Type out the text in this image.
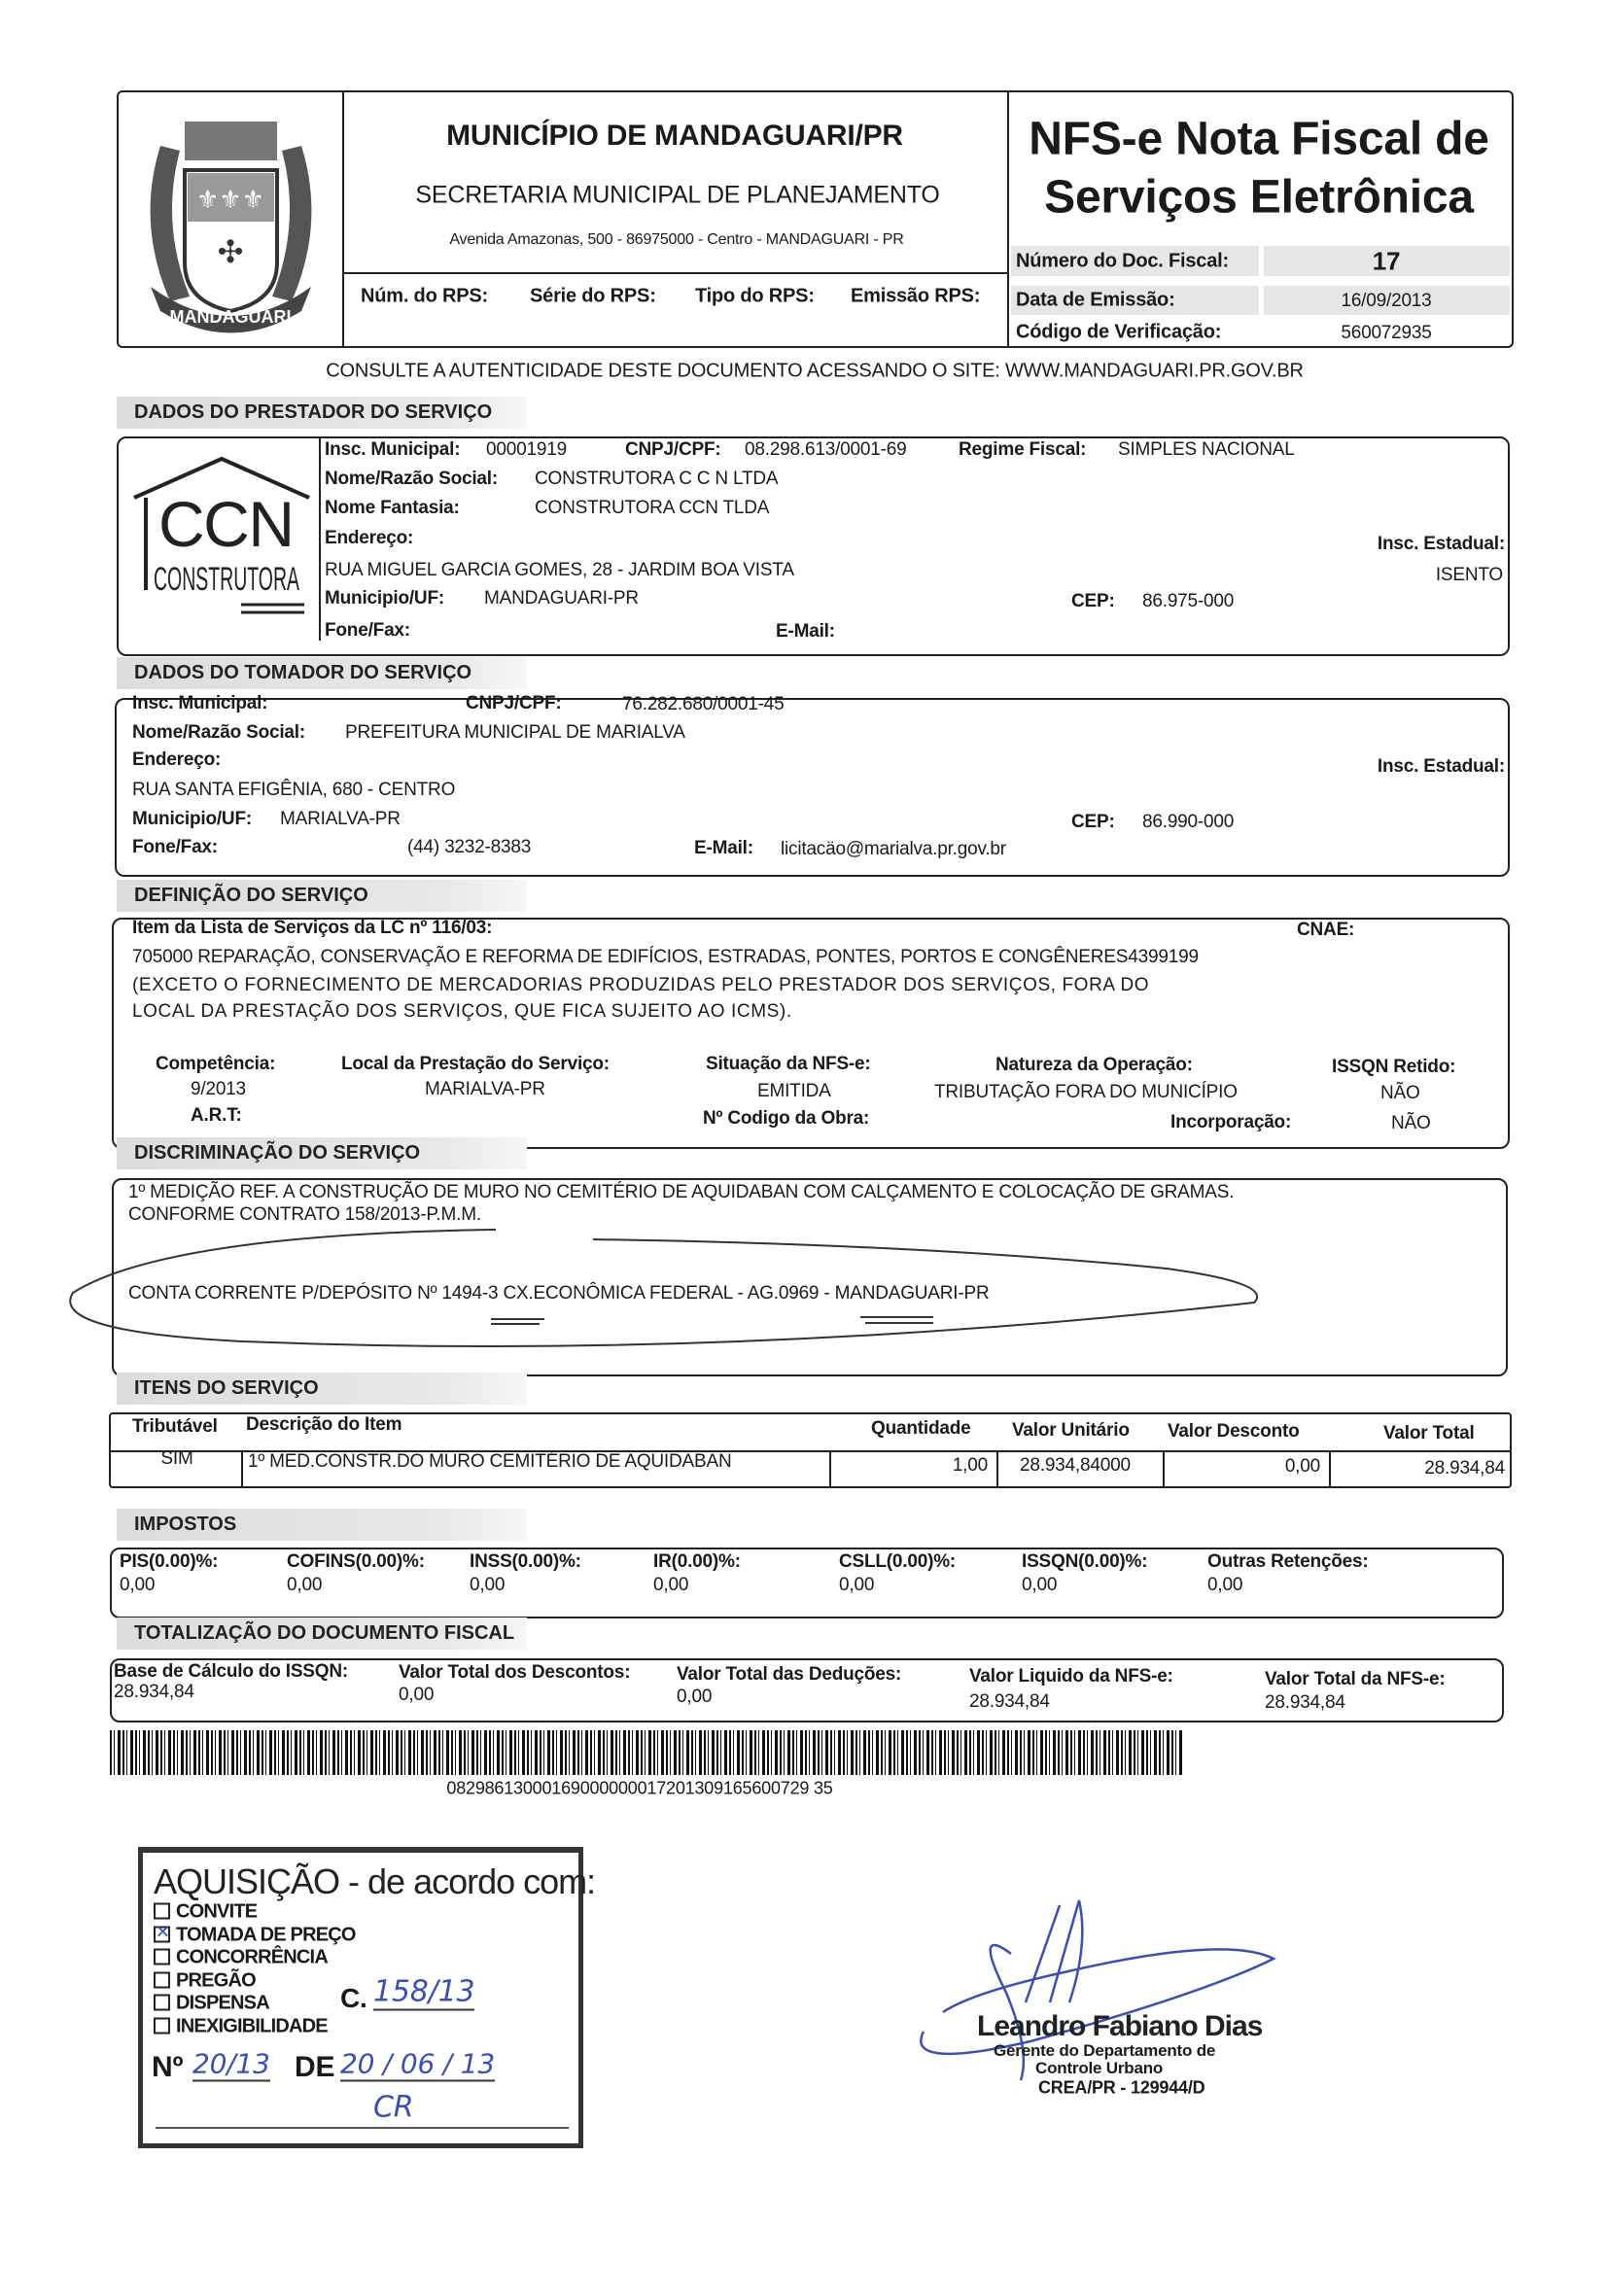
⚜⚜⚜
✣
MANDAGUARI
MUNICÍPIO DE MANDAGUARI/PR
SECRETARIA MUNICIPAL DE PLANEJAMENTO
Avenida Amazonas, 500 - 86975000 - Centro - MANDAGUARI - PR
Núm. do RPS: Série do RPS: Tipo do RPS: Emissão RPS:
NFS-e Nota Fiscal de
Serviços Eletrônica
Número do Doc. Fiscal:	17
Data de Emissão:	16/09/2013
Código de Verificação:	560072935
CONSULTE A AUTENTICIDADE DESTE DOCUMENTO ACESSANDO O SITE: WWW.MANDAGUARI.PR.GOV.BR
DADOS DO PRESTADOR DO SERVIÇO
CCN
CONSTRUTORA
Insc. Municipal: 00001919	CNPJ/CPF: 08.298.613/0001-69	Regime Fiscal: SIMPLES NACIONAL
Nome/Razão Social: CONSTRUTORA C C N LTDA
Nome Fantasia:	CONSTRUTORA CCN TLDA
Endereço:
RUA MIGUEL GARCIA GOMES, 28 - JARDIM BOA VISTA
Municipio/UF: MANDAGUARI-PR	CEP: 86.975-000
Fone/Fax:	E-Mail:
Insc. Estadual:
ISENTO
DADOS DO TOMADOR DO SERVIÇO
Insc. Municipal:	CNPJ/CPF:	76.282.680/0001-45
Nome/Razão Social: PREFEITURA MUNICIPAL DE MARIALVA
Endereço:	Insc. Estadual:
RUA SANTA EFIGÊNIA, 680 - CENTRO
Municipio/UF: MARIALVA-PR	CEP: 86.990-000
Fone/Fax:	(44) 3232-8383	E-Mail: licitacäo@marialva.pr.gov.br
DEFINIÇÃO DO SERVIÇO
Item da Lista de Serviços da LC nº 116/03:	CNAE:
705000 REPARAÇÃO, CONSERVAÇÃO E REFORMA DE EDIFÍCIOS, ESTRADAS, PONTES, PORTOS E CONGÊNERES4399199
(EXCETO O FORNECIMENTO DE MERCADORIAS PRODUZIDAS PELO PRESTADOR DOS SERVIÇOS, FORA DO
LOCAL DA PRESTAÇÃO DOS SERVIÇOS, QUE FICA SUJEITO AO ICMS).
Competência:	Local da Prestação do Serviço:	Situação da NFS-e:	Natureza da Operação:	ISSQN Retido:
9/2013	MARIALVA-PR	EMITIDA	TRIBUTAÇÃO FORA DO MUNICÍPIO	NÃO
A.R.T:	Nº Codigo da Obra:	Incorporação:	NÃO
DISCRIMINAÇÃO DO SERVIÇO
1º MEDIÇÃO REF. A CONSTRUÇÃO DE MURO NO CEMITÉRIO DE AQUIDABAN COM CALÇAMENTO E COLOCAÇÃO DE GRAMAS.
CONFORME CONTRATO 158/2013-P.M.M.
CONTA CORRENTE P/DEPÓSITO Nº 1494-3 CX.ECONÔMICA FEDERAL - AG.0969 - MANDAGUARI-PR
ITENS DO SERVIÇO
Tributável Descrição do Item	Quantidade Valor Unitário Valor Desconto	Valor Total
SIM	1º MED.CONSTR.DO MURO CEMITÉRIO DE AQUIDABAN	1,00 28.934,84000	0,00	28.934,84
IMPOSTOS
TOTALIZAÇÃO DO DOCUMENTO FISCAL
08298613000169000000017201309165600729 35
AQUISIÇÃO - de acordo com:
C. 158/13
Nº 20/13 DE 20 / 06 / 13
CR
Leandro Fabiano Dias
Gerente do Departamento de
Controle Urbano
CREA/PR - 129944/D
PIS(0.00)%:
0,00
COFINS(0.00)%:
0,00
INSS(0.00)%:
0,00
IR(0.00)%:
0,00
CSLL(0.00)%:
0,00
ISSQN(0.00)%:
0,00
Outras Retenções:
0,00
Base de Cálculo do ISSQN:
28.934,84
Valor Total dos Descontos:
0,00
Valor Total das Deduções:
0,00
Valor Liquido da NFS-e:
28.934,84
Valor Total da NFS-e:
28.934,84
CONVITE
✕ TOMADA DE PREÇO
CONCORRÊNCIA
PREGÃO
DISPENSA
INEXIGIBILIDADE
